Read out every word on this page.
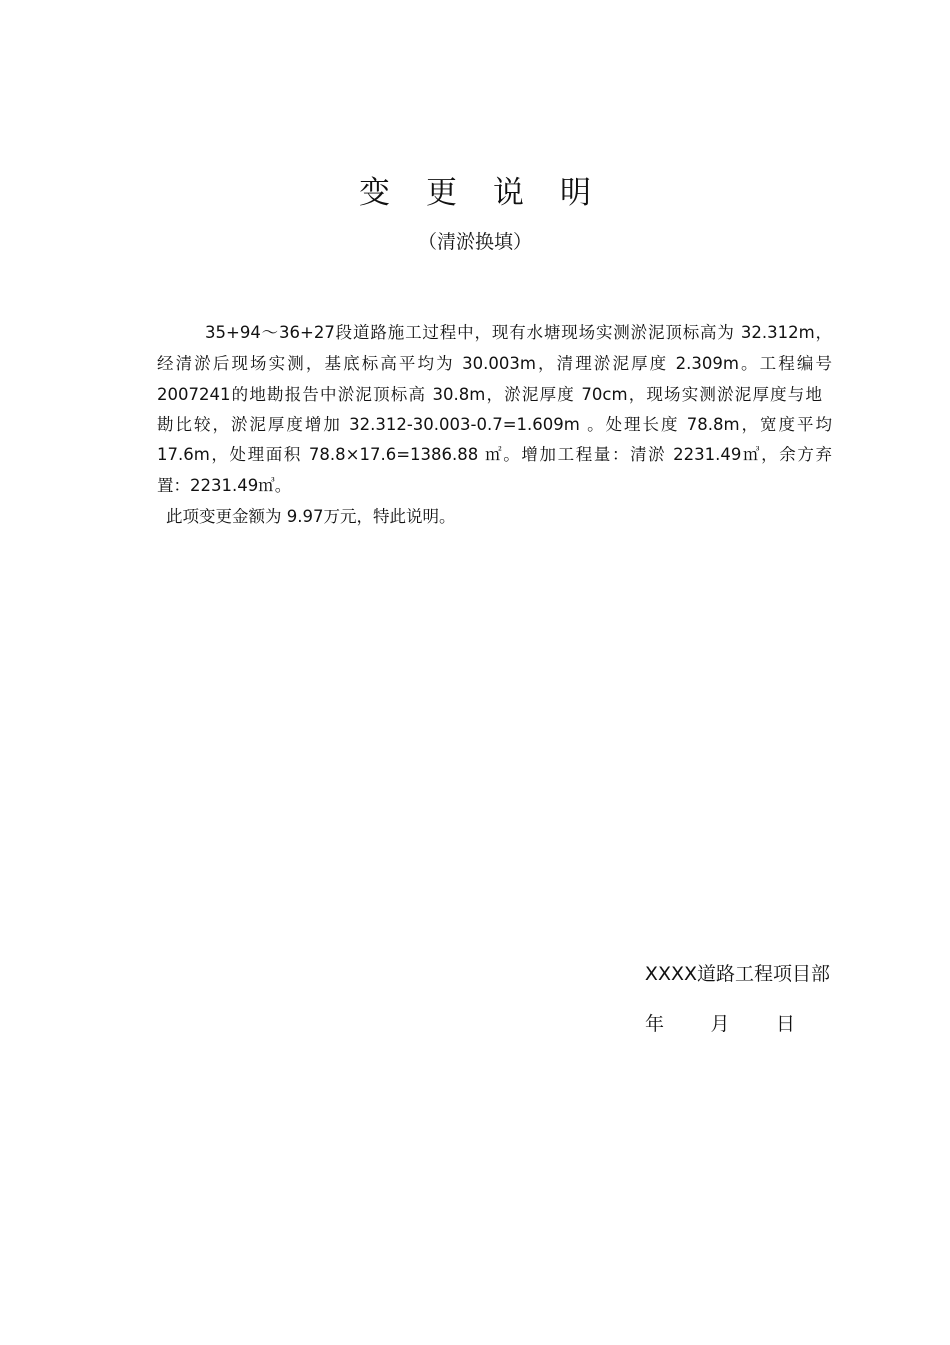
变更说明
（清淤换填）
35+94～36+27段道路施工过程中，现有水塘现场实测淤泥顶标高为 32.312m，
经清淤后现场实测，基底标高平均为 30.003m，清理淤泥厚度 2.309m。工程编号
2007241的地勘报告中淤泥顶标高 30.8m，淤泥厚度 70cm，现场实测淤泥厚度与地
勘比较，淤泥厚度增加 32.312-30.003-0.7=1.609m 。处理长度 78.8m，宽度平均
17.6m，处理面积 78.8×17.6=1386.88 ㎡。增加工程量：清淤 2231.49㎥，余方弃
置：2231.49㎥。
此项变更金额为 9.97万元，特此说明。
XXXX道路工程项目部
年 月 日
